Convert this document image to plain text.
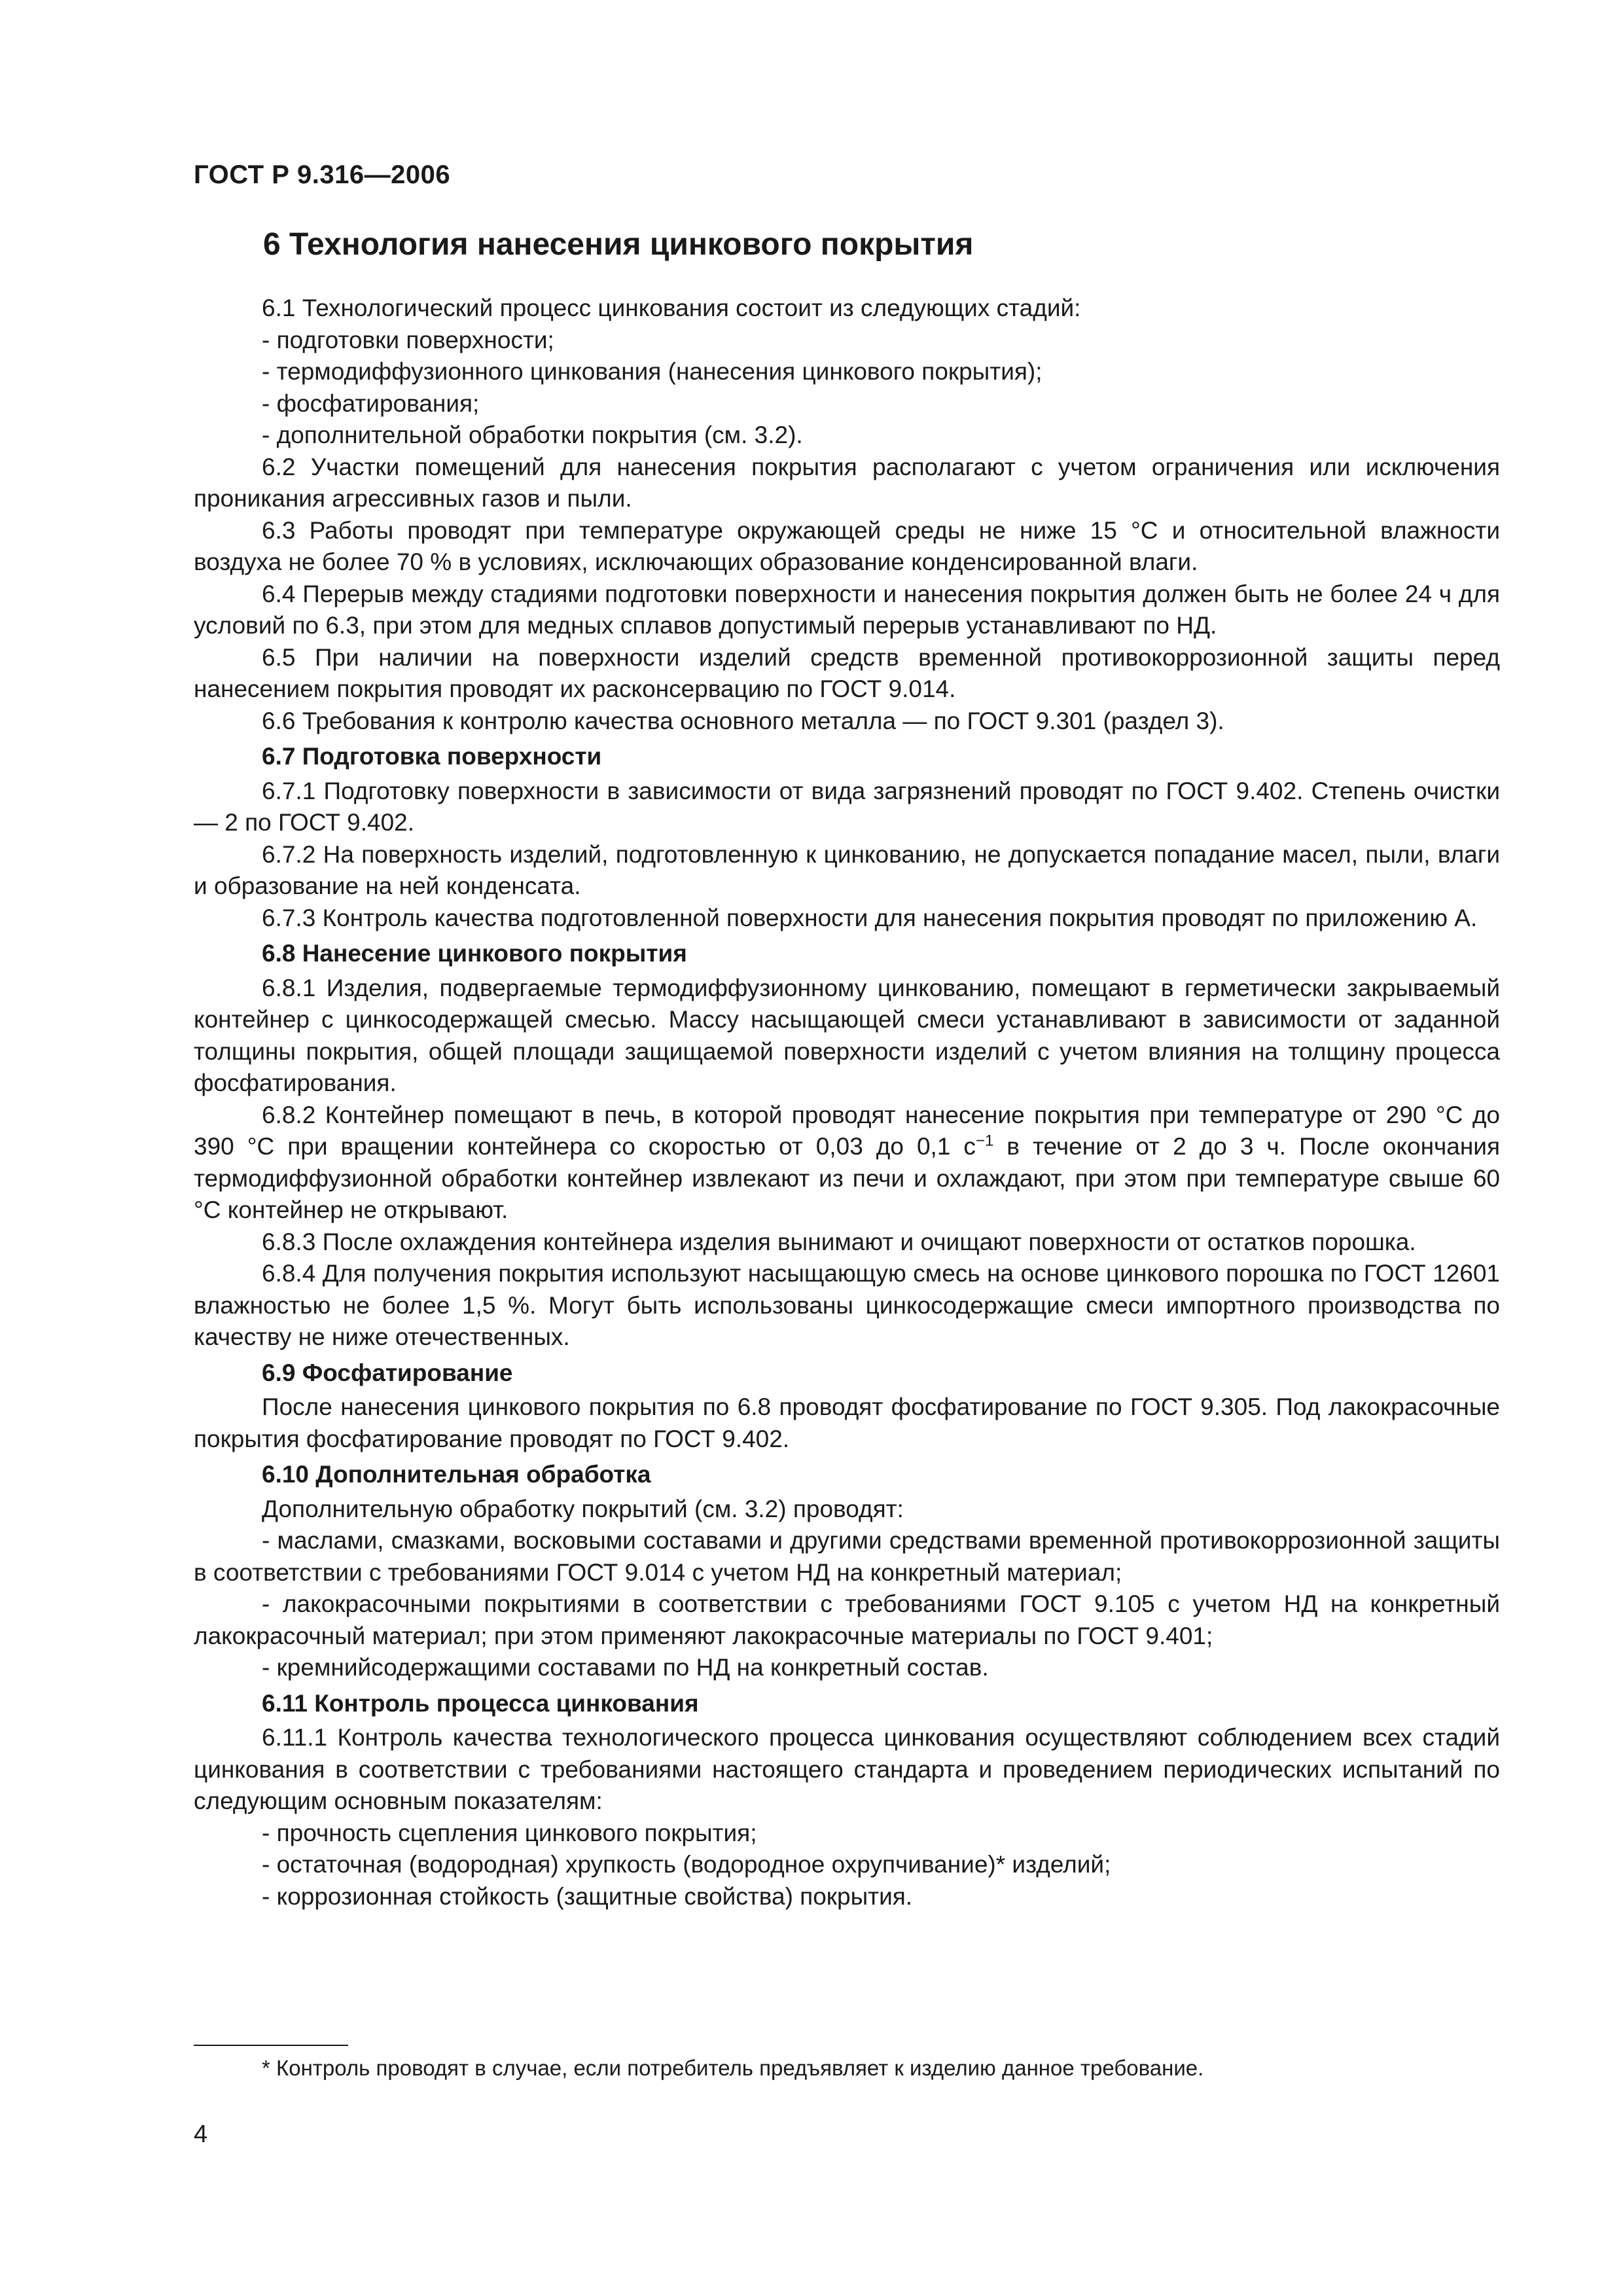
ГОСТ Р 9.316—2006
6 Технология нанесения цинкового покрытия

6.1 Технологический процесс цинкования состоит из следующих стадий:

- подготовки поверхности;

- термодиффузионного цинкования (нанесения цинкового покрытия);

- фосфатирования;

- дополнительной обработки покрытия (см. 3.2).

6.2 Участки помещений для нанесения покрытия располагают с учетом ограничения или исключения проникания агрессивных газов и пыли.

6.3 Работы проводят при температуре окружающей среды не ниже 15 °С и относительной влажности воздуха не более 70 % в условиях, исключающих образование конденсированной влаги.

6.4 Перерыв между стадиями подготовки поверхности и нанесения покрытия должен быть не более 24 ч для условий по 6.3, при этом для медных сплавов допустимый перерыв устанавливают по НД.

6.5 При наличии на поверхности изделий средств временной противокоррозионной защиты перед нанесением покрытия проводят их расконсервацию по ГОСТ 9.014.

6.6 Требования к контролю качества основного металла — по ГОСТ 9.301 (раздел 3).

6.7 Подготовка поверхности

6.7.1 Подготовку поверхности в зависимости от вида загрязнений проводят по ГОСТ 9.402. Степень очистки — 2 по ГОСТ 9.402.

6.7.2 На поверхность изделий, подготовленную к цинкованию, не допускается попадание масел, пыли, влаги и образование на ней конденсата.

6.7.3 Контроль качества подготовленной поверхности для нанесения покрытия проводят по приложению А.

6.8 Нанесение цинкового покрытия

6.8.1 Изделия, подвергаемые термодиффузионному цинкованию, помещают в герметически закрываемый контейнер с цинкосодержащей смесью. Массу насыщающей смеси устанавливают в зависимости от заданной толщины покрытия, общей площади защищаемой поверхности изделий с учетом влияния на толщину процесса фосфатирования.

6.8.2 Контейнер помещают в печь, в которой проводят нанесение покрытия при температуре от 290 °С до 390 °С при вращении контейнера со скоростью от 0,03 до 0,1 $с^{-1}$ в течение от 2 до 3 ч. После окончания термодиффузионной обработки контейнер извлекают из печи и охлаждают, при этом при температуре свыше 60 °С контейнер не открывают.

6.8.3 После охлаждения контейнера изделия вынимают и очищают поверхности от остатков порошка.

6.8.4 Для получения покрытия используют насыщающую смесь на основе цинкового порошка по ГОСТ 12601 влажностью не более 1,5 %. Могут быть использованы цинкосодержащие смеси импортного производства по качеству не ниже отечественных.

6.9 Фосфатирование

После нанесения цинкового покрытия по 6.8 проводят фосфатирование по ГОСТ 9.305. Под лакокрасочные покрытия фосфатирование проводят по ГОСТ 9.402.

6.10 Дополнительная обработка

Дополнительную обработку покрытий (см. 3.2) проводят:

- маслами, смазками, восковыми составами и другими средствами временной противокоррозионной защиты в соответствии с требованиями ГОСТ 9.014 с учетом НД на конкретный материал;

- лакокрасочными покрытиями в соответствии с требованиями ГОСТ 9.105 с учетом НД на конкретный лакокрасочный материал; при этом применяют лакокрасочные материалы по ГОСТ 9.401;

- кремнийсодержащими составами по НД на конкретный состав.

6.11 Контроль процесса цинкования

6.11.1 Контроль качества технологического процесса цинкования осуществляют соблюдением всех стадий цинкования в соответствии с требованиями настоящего стандарта и проведением периодических испытаний по следующим основным показателям:

- прочность сцепления цинкового покрытия;

- остаточная (водородная) хрупкость (водородное охрупчивание)* изделий;

- коррозионная стойкость (защитные свойства) покрытия.

* Контроль проводят в случае, если потребитель предъявляет к изделию данное требование.
4
